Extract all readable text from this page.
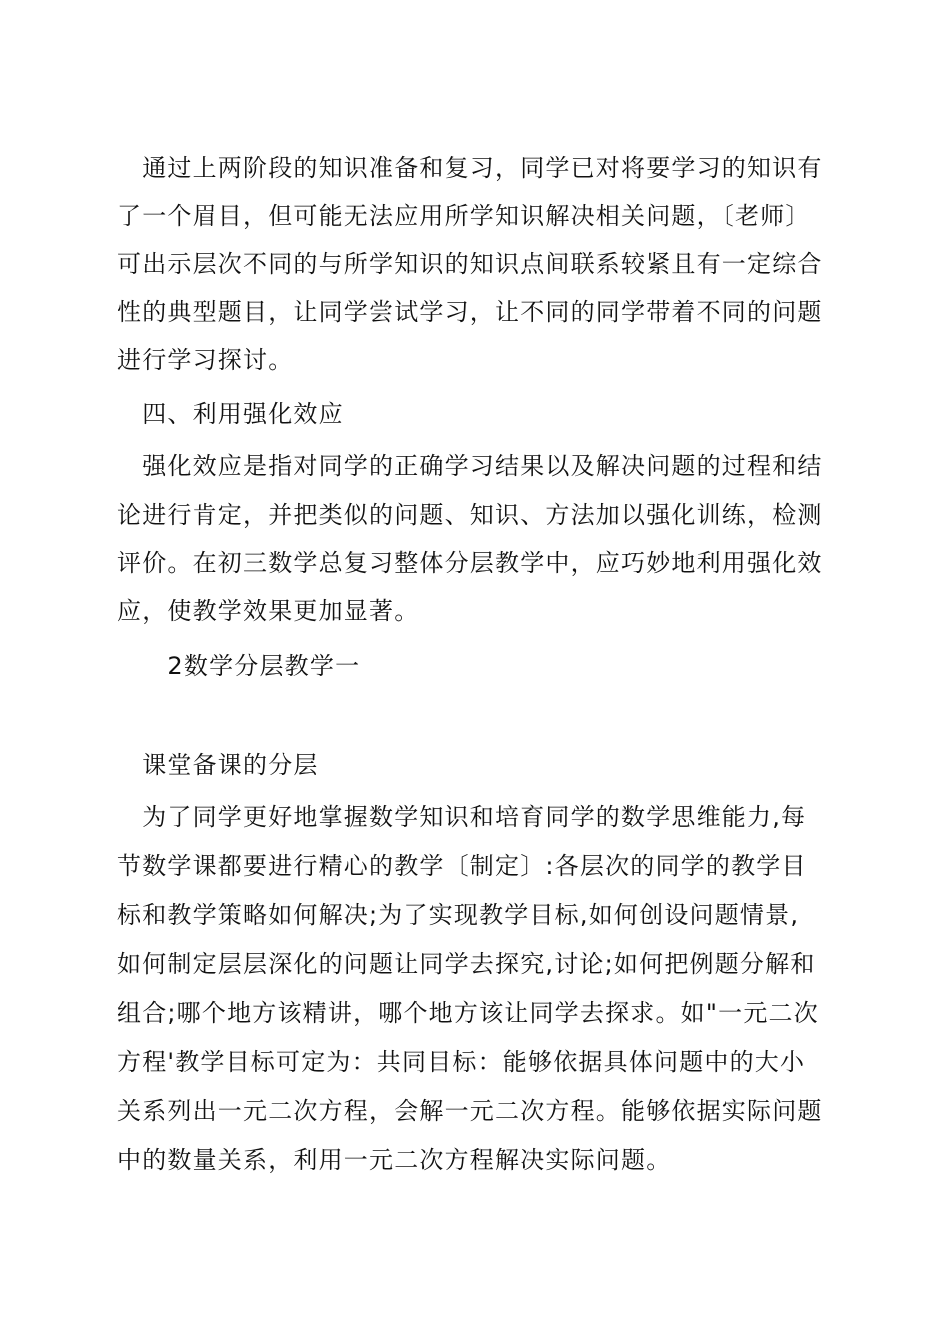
　通过上两阶段的知识准备和复习，同学已对将要学习的知识有
了一个眉目，但可能无法应用所学知识解决相关问题，〔老师〕
可出示层次不同的与所学知识的知识点间联系较紧且有一定综合
性的典型题目，让同学尝试学习，让不同的同学带着不同的问题
进行学习探讨。
　四、利用强化效应
　强化效应是指对同学的正确学习结果以及解决问题的过程和结
论进行肯定，并把类似的问题、知识、方法加以强化训练，检测
评价。在初三数学总复习整体分层教学中，应巧妙地利用强化效
应，使教学效果更加显著。
　　2数学分层教学一
　课堂备课的分层
　为了同学更好地掌握数学知识和培育同学的数学思维能力,每
节数学课都要进行精心的教学〔制定〕:各层次的同学的教学目
标和教学策略如何解决;为了实现教学目标,如何创设问题情景,
如何制定层层深化的问题让同学去探究,讨论;如何把例题分解和
组合;哪个地方该精讲，哪个地方该让同学去探求。如"一元二次
方程'教学目标可定为：共同目标：能够依据具体问题中的大小
关系列出一元二次方程，会解一元二次方程。能够依据实际问题
中的数量关系，利用一元二次方程解决实际问题。
